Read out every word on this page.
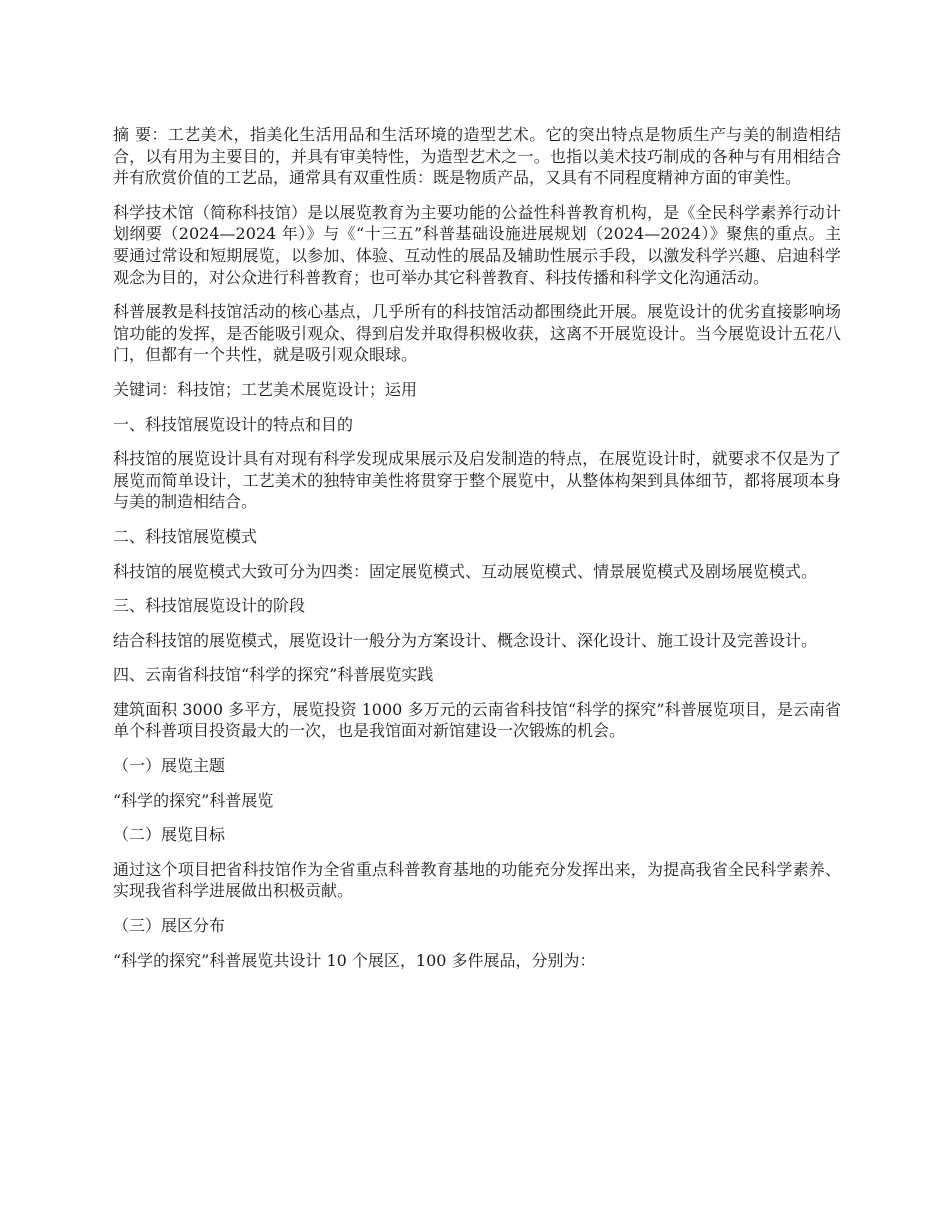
摘 要：工艺美术，指美化生活用品和生活环境的造型艺术。它的突出特点是物质生产与美的制造相结合，以有用为主要目的，并具有审美特性，为造型艺术之一。也指以美术技巧制成的各种与有用相结合并有欣赏价值的工艺品，通常具有双重性质：既是物质产品，又具有不同程度精神方面的审美性。

科学技术馆（简称科技馆）是以展览教育为主要功能的公益性科普教育机构，是《全民科学素养行动计划纲要（2024—2024 年）》与《“十三五”科普基础设施进展规划（2024—2024）》聚焦的重点。主要通过常设和短期展览，以参加、体验、互动性的展品及辅助性展示手段，以激发科学兴趣、启迪科学观念为目的，对公众进行科普教育；也可举办其它科普教育、科技传播和科学文化沟通活动。

科普展教是科技馆活动的核心基点，几乎所有的科技馆活动都围绕此开展。展览设计的优劣直接影响场馆功能的发挥，是否能吸引观众、得到启发并取得积极收获，这离不开展览设计。当今展览设计五花八门，但都有一个共性，就是吸引观众眼球。

关键词：科技馆；工艺美术展览设计；运用

一、科技馆展览设计的特点和目的

科技馆的展览设计具有对现有科学发现成果展示及启发制造的特点，在展览设计时，就要求不仅是为了展览而简单设计，工艺美术的独特审美性将贯穿于整个展览中，从整体构架到具体细节，都将展项本身与美的制造相结合。

二、科技馆展览模式

科技馆的展览模式大致可分为四类：固定展览模式、互动展览模式、情景展览模式及剧场展览模式。

三、科技馆展览设计的阶段

结合科技馆的展览模式，展览设计一般分为方案设计、概念设计、深化设计、施工设计及完善设计。

四、云南省科技馆“科学的探究”科普展览实践

建筑面积 3000 多平方，展览投资 1000 多万元的云南省科技馆“科学的探究”科普展览项目，是云南省单个科普项目投资最大的一次，也是我馆面对新馆建设一次锻炼的机会。

（一）展览主题

“科学的探究”科普展览

（二）展览目标

通过这个项目把省科技馆作为全省重点科普教育基地的功能充分发挥出来，为提高我省全民科学素养、实现我省科学进展做出积极贡献。

（三）展区分布

“科学的探究”科普展览共设计 10 个展区，100 多件展品，分别为：
